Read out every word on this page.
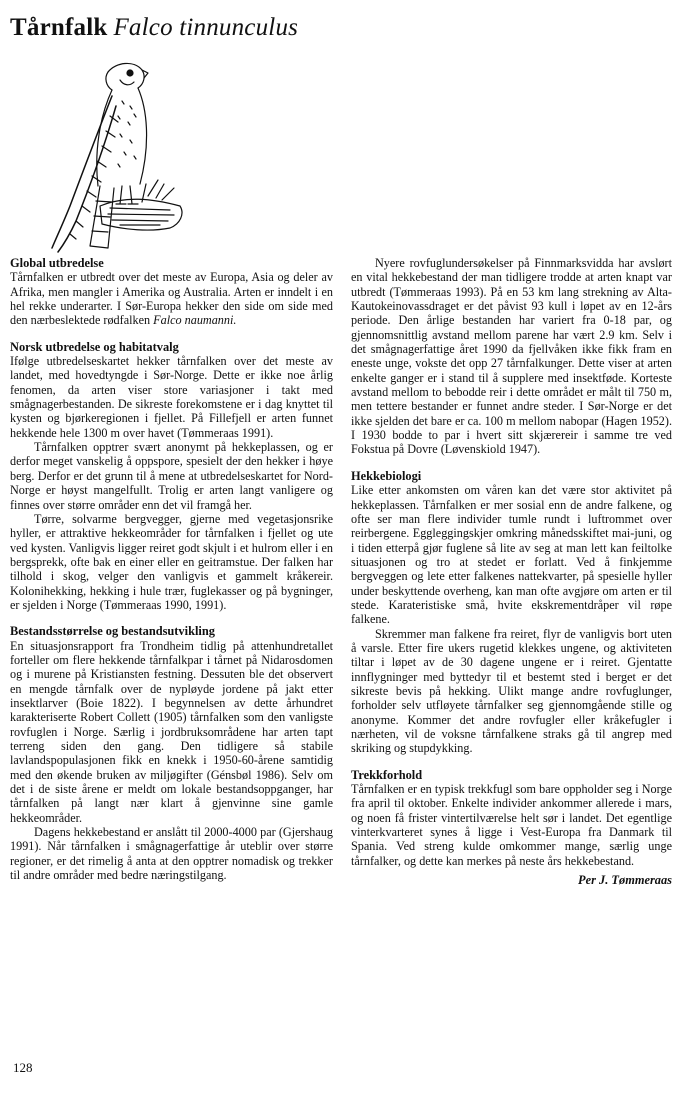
Tårnfalk Falco tinnunculus
Global utbredelse

Tårnfalken er utbredt over det meste av Europa, Asia og deler av Afrika, men mangler i Amerika og Australia. Arten er inndelt i en hel rekke underarter. I Sør-Europa hekker den side om side med den nærbeslektede rødfalken Falco naumanni.

Norsk utbredelse og habitatvalg

Ifølge utbredelseskartet hekker tårnfalken over det meste av landet, med hovedtyngde i Sør-Norge. Dette er ikke noe årlig fenomen, da arten viser store variasjoner i takt med smågnagerbestanden. De sikreste forekomstene er i dag knyttet til kysten og bjørkeregionen i fjellet. På Fillefjell er arten funnet hekkende hele 1300 m over havet (Tømmeraas 1991).

Tårnfalken opptrer svært anonymt på hekkeplassen, og er derfor meget vanskelig å oppspore, spesielt der den hekker i høye berg. Derfor er det grunn til å mene at utbredelseskartet for Nord-Norge er høyst mangelfullt. Trolig er arten langt vanligere og finnes over større områder enn det vil framgå her.

Tørre, solvarme bergvegger, gjerne med vegetasjonsrike hyller, er attraktive hekkeområder for tårnfalken i fjellet og ute ved kysten. Vanligvis ligger reiret godt skjult i et hulrom eller i en bergsprekk, ofte bak en einer eller en geitramstue. Der falken har tilhold i skog, velger den vanligvis et gammelt kråkereir. Kolonihekking, hekking i hule trær, fuglekasser og på bygninger, er sjelden i Norge (Tømmeraas 1990, 1991).

Bestandsstørrelse og bestandsutvikling

En situasjonsrapport fra Trondheim tidlig på attenhundretallet forteller om flere hekkende tårnfalkpar i tårnet på Nidarosdomen og i murene på Kristiansten festning. Dessuten ble det observert en mengde tårnfalk over de nypløyde jordene på jakt etter insektlarver (Boie 1822). I begynnelsen av dette århundret karakteriserte Robert Collett (1905) tårnfalken som den vanligste rovfuglen i Norge. Særlig i jordbruksområdene har arten tapt terreng siden den gang. Den tidligere så stabile lavlandspopulasjonen fikk en knekk i 1950-60-årene samtidig med den økende bruken av miljøgifter (Génsbøl 1986). Selv om det i de siste årene er meldt om lokale bestandsoppganger, har tårnfalken på langt nær klart å gjenvinne sine gamle hekkeområder.

Dagens hekkebestand er anslått til 2000-4000 par (Gjershaug 1991). Når tårnfalken i smågnagerfattige år uteblir over større regioner, er det rimelig å anta at den opptrer nomadisk og trekker til andre områder med bedre næringstilgang.

Nyere rovfuglundersøkelser på Finnmarksvidda har avslørt en vital hekkebestand der man tidligere trodde at arten knapt var utbredt (Tømmeraas 1993). På en 53 km lang strekning av Alta-Kautokeinovassdraget er det påvist 93 kull i løpet av en 12-års periode. Den årlige bestanden har variert fra 0-18 par, og gjennomsnittlig avstand mellom parene har vært 2.9 km. Selv i det smågnagerfattige året 1990 da fjellvåken ikke fikk fram en eneste unge, vokste det opp 27 tårnfalkunger. Dette viser at arten enkelte ganger er i stand til å supplere med insektføde. Korteste avstand mellom to bebodde reir i dette området er målt til 750 m, men tettere bestander er funnet andre steder. I Sør-Norge er det ikke sjelden det bare er ca. 100 m mellom nabopar (Hagen 1952). I 1930 bodde to par i hvert sitt skjærereir i samme tre ved Fokstua på Dovre (Løvenskiold 1947).

Hekkebiologi

Like etter ankomsten om våren kan det være stor aktivitet på hekkeplassen. Tårnfalken er mer sosial enn de andre falkene, og ofte ser man flere individer tumle rundt i luftrommet over reirbergene. Eggleggingskjer omkring månedsskiftet mai-juni, og i tiden etterpå gjør fuglene så lite av seg at man lett kan feiltolke situasjonen og tro at stedet er forlatt. Ved å finkjemme bergveggen og lete etter falkenes nattekvarter, på spesielle hyller under beskyttende overheng, kan man ofte avgjøre om arten er til stede. Karateristiske små, hvite ekskrementdråper vil røpe falkene.

Skremmer man falkene fra reiret, flyr de vanligvis bort uten å varsle. Etter fire ukers rugetid klekkes ungene, og aktiviteten tiltar i løpet av de 30 dagene ungene er i reiret. Gjentatte innflygninger med byttedyr til et bestemt sted i berget er det sikreste bevis på hekking. Ulikt mange andre rovfuglunger, forholder selv utfløyete tårnfalker seg gjennomgående stille og anonyme. Kommer det andre rovfugler eller kråkefugler i nærheten, vil de voksne tårnfalkene straks gå til angrep med skriking og stupdykking.

Trekkforhold

Tårnfalken er en typisk trekkfugl som bare oppholder seg i Norge fra april til oktober. Enkelte individer ankommer allerede i mars, og noen få frister vintertilværelse helt sør i landet. Det egentlige vinterkvarteret synes å ligge i Vest-Europa fra Danmark til Spania. Ved streng kulde omkommer mange, særlig unge tårnfalker, og dette kan merkes på neste års hekkebestand.

Per J. Tømmeraas
128
